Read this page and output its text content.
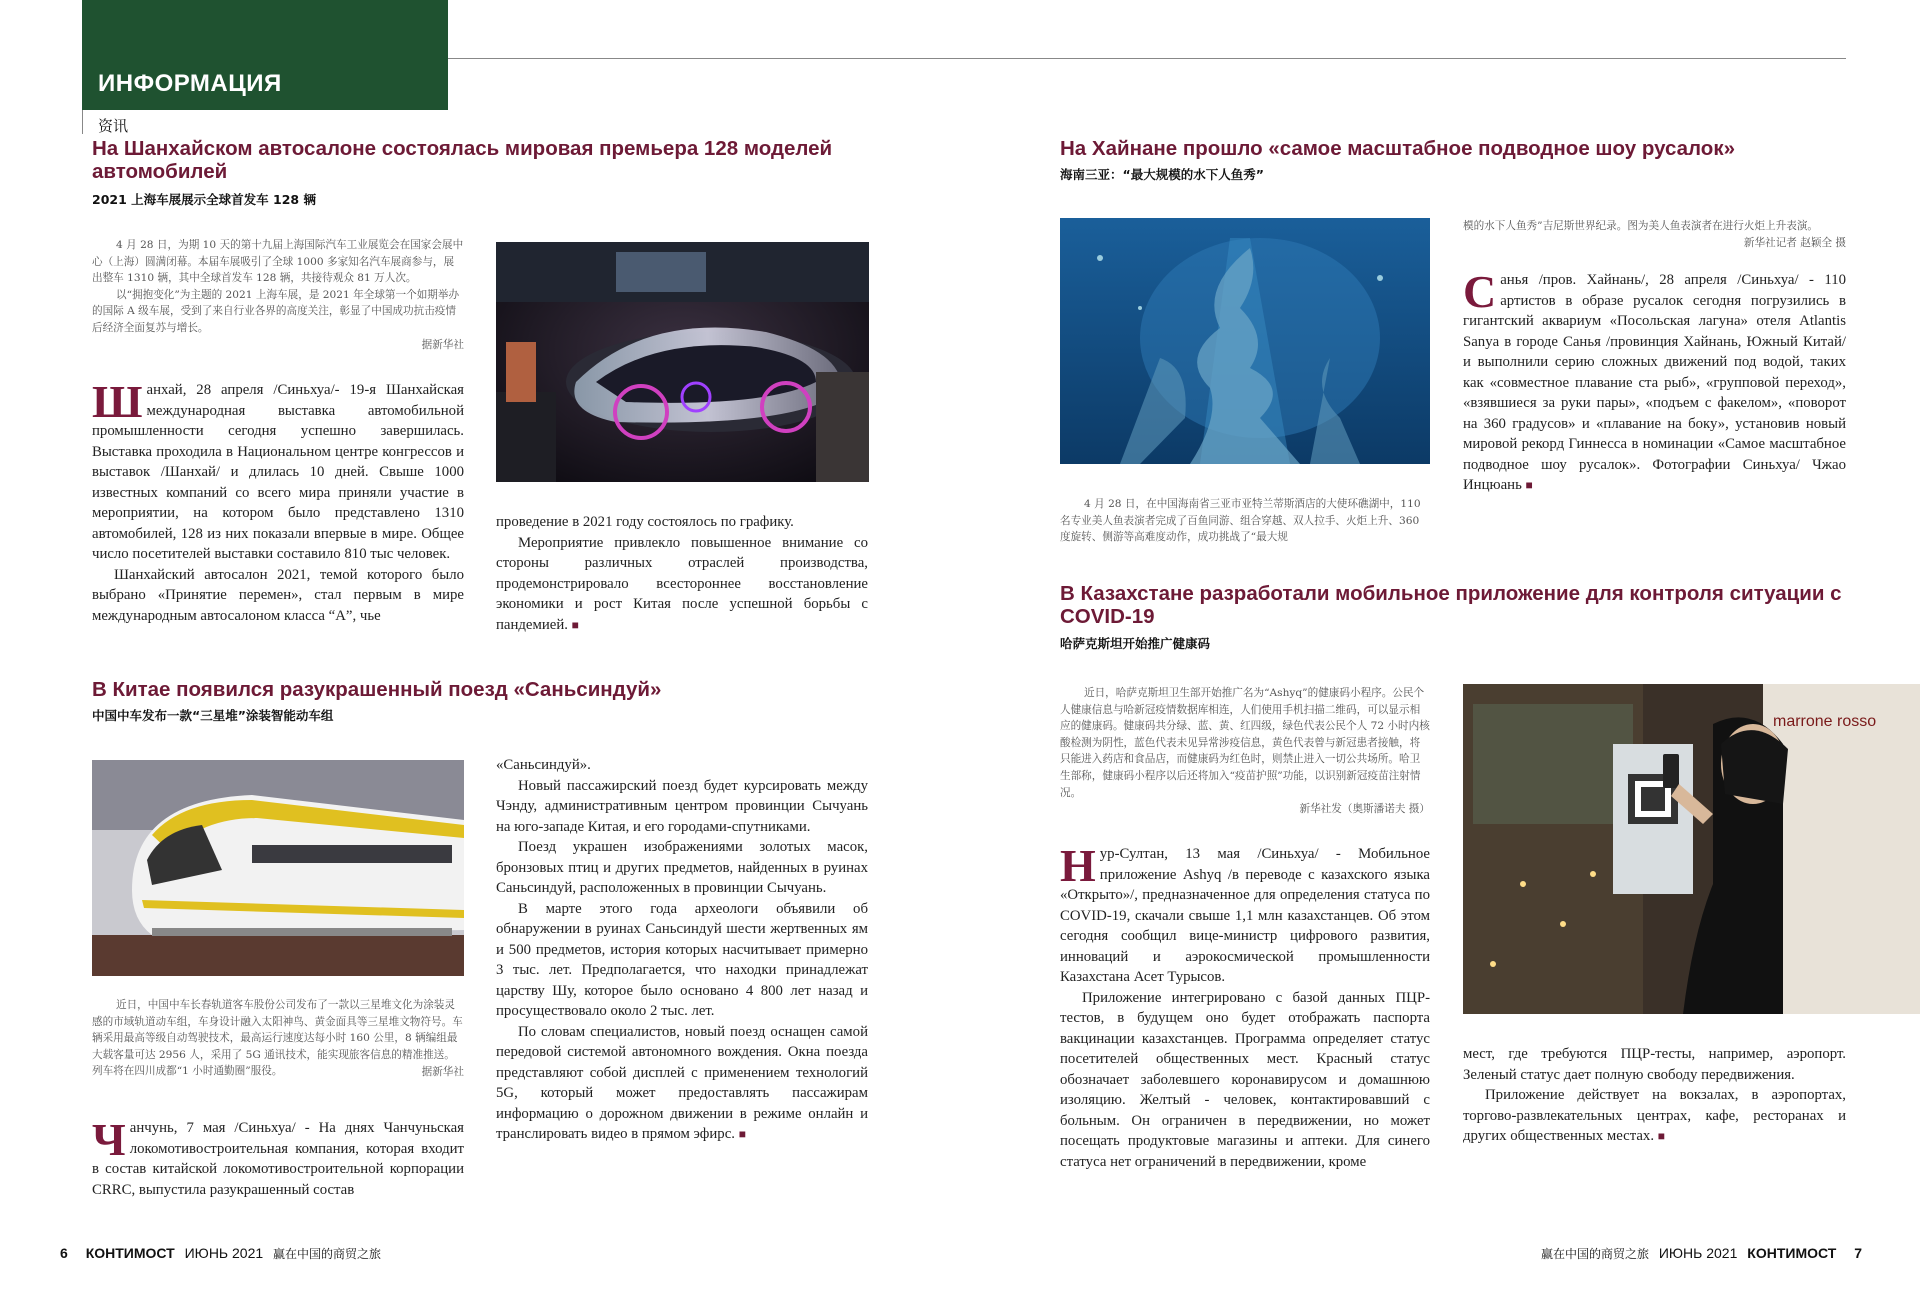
ИНФОРМАЦИЯ
资讯
На Шанхайском автосалоне состоялась мировая премьера 128 моделей автомобилей
2021 上海车展展示全球首发车 128 辆

4 月 28 日，为期 10 天的第十九届上海国际汽车工业展览会在国家会展中心（上海）圆满闭幕。本届车展吸引了全球 1000 多家知名汽车展商参与，展出整车 1310 辆，其中全球首发车 128 辆，共接待观众 81 万人次。

以“拥抱变化”为主题的 2021 上海车展，是 2021 年全球第一个如期举办的国际 A 级车展，受到了来自行业各界的高度关注，彰显了中国成功抗击疫情后经济全面复苏与增长。

据新华社

Шанхай, 28 апреля /Синьхуа/- 19-я Шанхайская международная выставка автомобильной промышленности сегодня успешно завершилась. Выставка проходила в Национальном центре конгрессов и выставок /Шанхай/ и длилась 10 дней. Свыше 1000 известных компаний со всего мира приняли участие в мероприятии, на котором было представлено 1310 автомобилей, 128 из них показали впервые в мире. Общее число посетителей выставки составило 810 тыс человек.

Шанхайский автосалон 2021, темой которого было выбрано «Принятие перемен», стал первым в мире международным автосалоном класса “А”, чье

проведение в 2021 году состоялось по графику.

Мероприятие привлекло повышенное внимание со стороны различных отраслей производства, продемонстрировало всестороннее восстановление экономики и рост Китая после успешной борьбы с пандемией. ■

В Китае появился разукрашенный поезд «Саньсиндуй»
中国中车发布一款“三星堆”涂装智能动车组

近日，中国中车长春轨道客车股份公司发布了一款以三星堆文化为涂装灵感的市域轨道动车组，车身设计融入太阳神鸟、黄金面具等三星堆文物符号。车辆采用最高等级自动驾驶技术，最高运行速度达每小时 160 公里，8 辆编组最大载客量可达 2956 人，采用了 5G 通讯技术，能实现旅客信息的精准推送。列车将在四川成都“1 小时通勤圈”服役。	据新华社

Чанчунь, 7 мая /Синьхуа/ - На днях Чанчуньская локомотивостроительная компания, которая входит в состав китайской локомотивостроительной корпорации CRRC, выпустила разукрашенный состав

«Саньсиндуй».

Новый пассажирский поезд будет курсировать между Чэнду, административным центром провинции Сычуань на юго-западе Китая, и его городами-спутниками.

Поезд украшен изображениями золотых масок, бронзовых птиц и других предметов, найденных в руинах Саньсиндуй, расположенных в провинции Сычуань.

В марте этого года археологи объявили об обнаружении в руинах Саньсиндуй шести жертвенных ям и 500 предметов, история которых насчитывает примерно 3 тыс. лет. Предполагается, что находки принадлежат царству Шу, которое было основано 4 800 лет назад и просуществовало около 2 тыс. лет.

По словам специалистов, новый поезд оснащен самой передовой системой автономного вождения. Окна поезда представляют собой дисплей с применением технологий 5G, который может предоставлять пассажирам информацию о дорожном движении в режиме онлайн и транслировать видео в прямом эфирс. ■

На Хайнане прошло «самое масштабное подводное шоу русалок»
海南三亚：“最大规模的水下人鱼秀”

4 月 28 日，在中国海南省三亚市亚特兰蒂斯酒店的大使环礁湖中，110 名专业美人鱼表演者完成了百鱼同游、组合穿越、双人拉手、火炬上升、360 度旋转、侧游等高难度动作，成功挑战了“最大规

模的水下人鱼秀”吉尼斯世界纪录。图为美人鱼表演者在进行火炬上升表演。

新华社记者 赵颖全 摄

Санья /пров. Хайнань/, 28 апреля /Синьхуа/ - 110 артистов в образе русалок сегодня погрузились в гигантский аквариум «Посольская лагуна» отеля Atlantis Sanya в городе Санья /провинция Хайнань, Южный Китай/ и выполнили серию сложных движений под водой, таких как «совместное плавание ста рыб», «групповой переход», «взявшиеся за руки пары», «подъем с факелом», «поворот на 360 градусов» и «плавание на боку», установив новый мировой рекорд Гиннесса в номинации «Самое масштабное подводное шоу русалок». Фотографии Синьхуа/ Чжао Инцюань ■

В Казахстане разработали мобильное приложение для контроля ситуации с COVID-19
哈萨克斯坦开始推广健康码

近日，哈萨克斯坦卫生部开始推广名为“Ashyq”的健康码小程序。公民个人健康信息与哈新冠疫情数据库相连，人们使用手机扫描二维码，可以显示相应的健康码。健康码共分绿、蓝、黄、红四级，绿色代表公民个人 72 小时内核酸检测为阴性，蓝色代表未见异常涉疫信息，黄色代表曾与新冠患者接触，将只能进入药店和食品店，而健康码为红色时，则禁止进入一切公共场所。哈卫生部称，健康码小程序以后还将加入“疫苗护照”功能，以识别新冠疫苗注射情况。

新华社发（奥斯潘诺夫 摄）
marrone rosso

Нур-Султан, 13 мая /Синьхуа/ - Мобильное приложение Ashyq /в переводе с казахского языка «Открыто»/, предназначенное для определения статуса по COVID-19, скачали свыше 1,1 млн казахстанцев. Об этом сегодня сообщил вице-министр цифрового развития, инноваций и аэрокосмической промышленности Казахстана Асет Турысов.

Приложение интегрировано с базой данных ПЦР-тестов, в будущем оно будет отображать паспорта вакцинации казахстанцев. Программа определяет статус посетителей общественных мест. Красный статус обозначает заболевшего коронавирусом и домашнюю изоляцию. Желтый - человек, контактировавший с больным. Он ограничен в передвижении, но может посещать продуктовые магазины и аптеки. Для синего статуса нет ограничений в передвижении, кроме

мест, где требуются ПЦР-тесты, например, аэропорт. Зеленый статус дает полную свободу передвижения.

Приложение действует на вокзалах, в аэропортах, торгово-развлекательных центрах, кафе, ресторанах и других общественных местах. ■

6 КОНТИМОСТ ИЮНЬ 2021 赢在中国的商贸之旅	赢在中国的商贸之旅 ИЮНЬ 2021 КОНТИМОСТ 7
